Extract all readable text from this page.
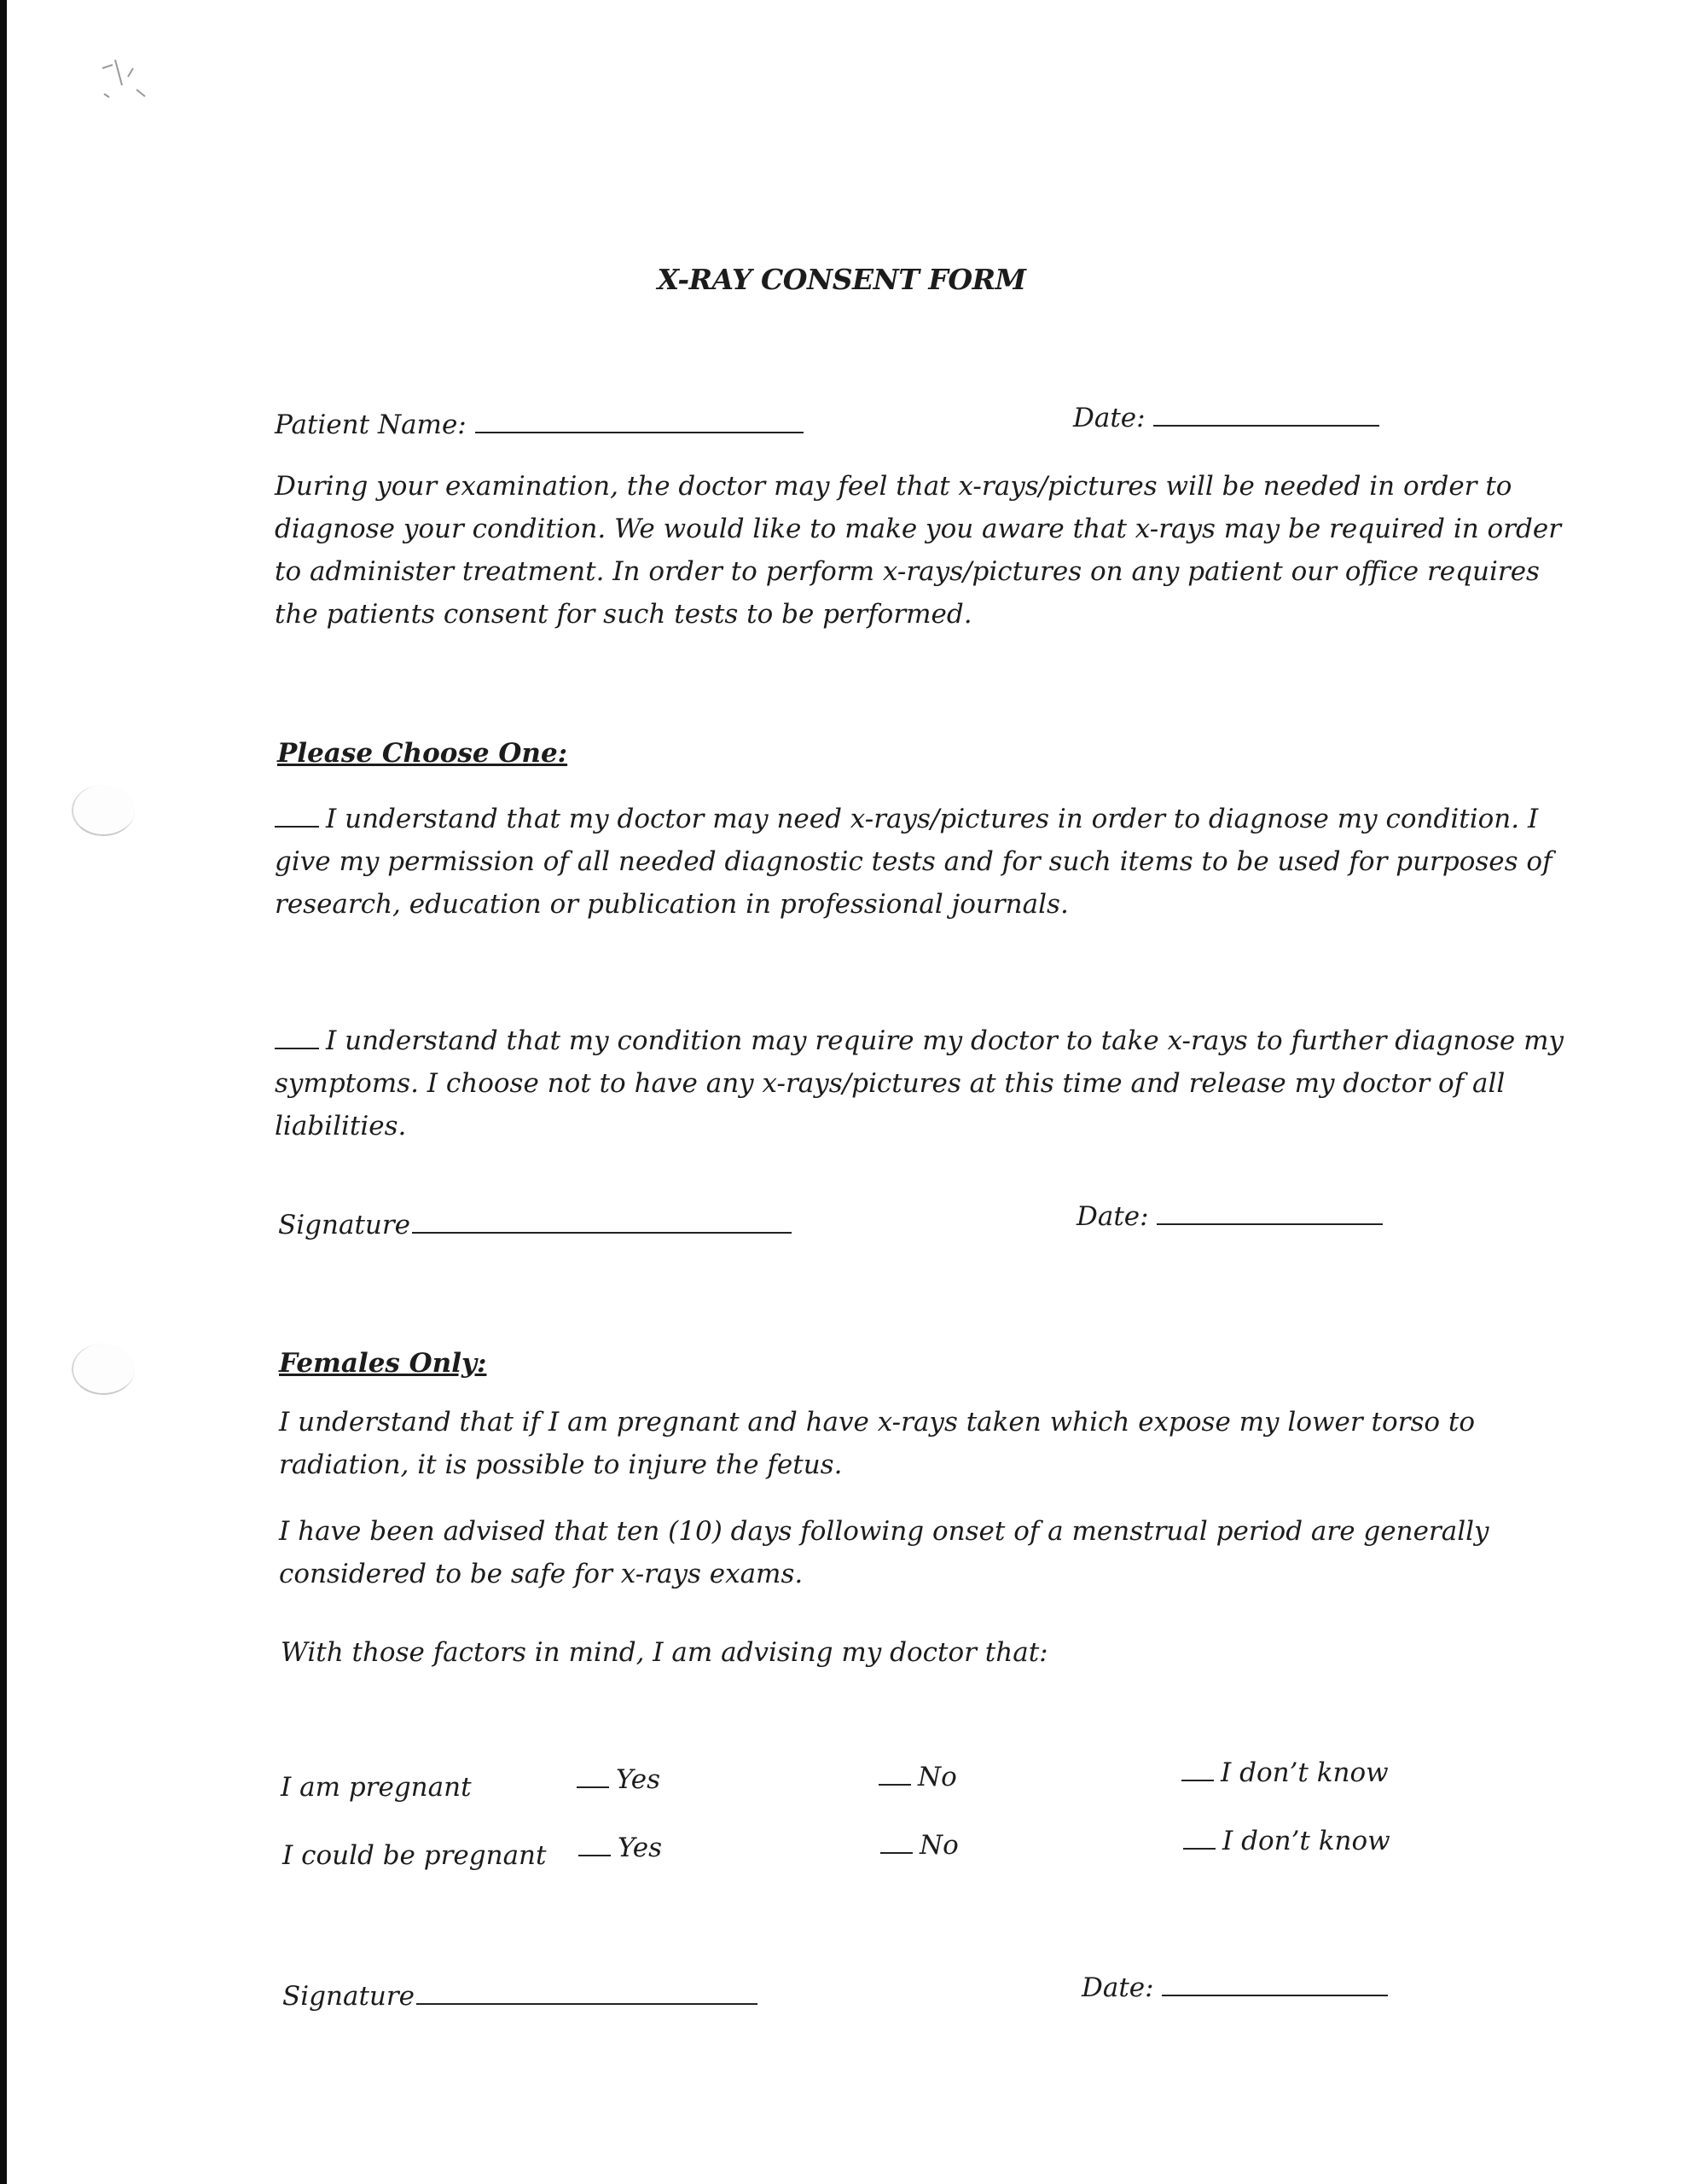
X-RAY CONSENT FORM
Patient Name:	Date:
During your examination, the doctor may feel that x-rays/pictures will be needed in order to diagnose your condition. We would like to make you aware that x-rays may be required in order to administer treatment. In order to perform x-rays/pictures on any patient our office requires the patients consent for such tests to be performed.
Please Choose One:
I understand that my doctor may need x-rays/pictures in order to diagnose my condition. I give my permission of all needed diagnostic tests and for such items to be used for purposes of research, education or publication in professional journals.
I understand that my condition may require my doctor to take x-rays to further diagnose my symptoms. I choose not to have any x-rays/pictures at this time and release my doctor of all liabilities.
Signature	Date:
Females Only:
I understand that if I am pregnant and have x-rays taken which expose my lower torso to radiation, it is possible to injure the fetus.
I have been advised that ten (10) days following onset of a menstrual period are generally considered to be safe for x-rays exams.
With those factors in mind, I am advising my doctor that:
I am pregnant	Yes	No	I don’t know
I could be pregnant	Yes	No	I don’t know
Signature	Date:
